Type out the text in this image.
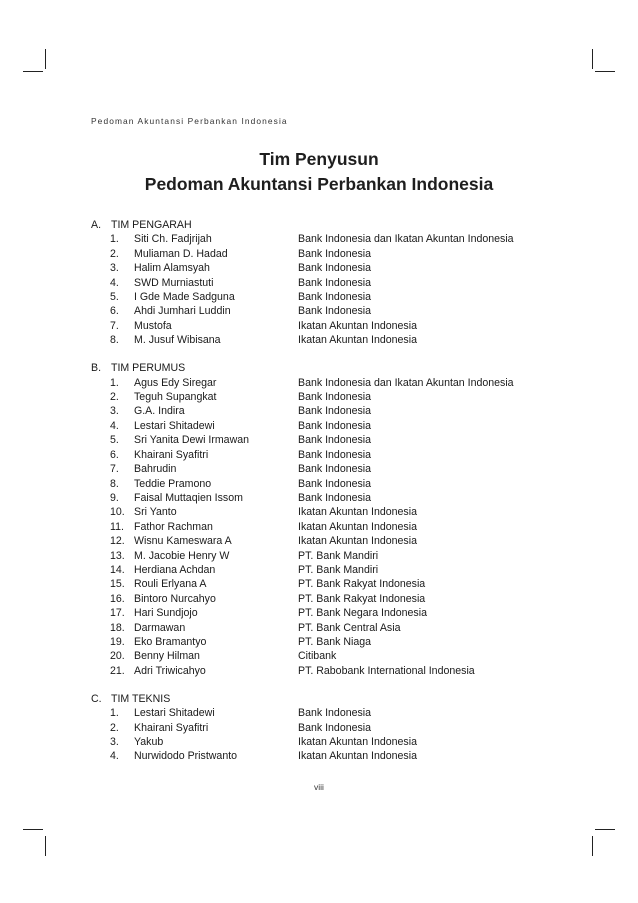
Pedoman Akuntansi Perbankan Indonesia
Tim Penyusun
Pedoman Akuntansi Perbankan Indonesia
A. TIM PENGARAH
1.	Siti Ch. Fadjrijah	Bank Indonesia dan Ikatan Akuntan Indonesia
2.	Muliaman D. Hadad	Bank Indonesia
3.	Halim Alamsyah	Bank Indonesia
4.	SWD Murniastuti	Bank Indonesia
5.	I Gde Made Sadguna	Bank Indonesia
6.	Ahdi Jumhari Luddin	Bank Indonesia
7.	Mustofa	Ikatan Akuntan Indonesia
8.	M. Jusuf Wibisana	Ikatan Akuntan Indonesia
B. TIM PERUMUS
1.	Agus Edy Siregar	Bank Indonesia dan Ikatan Akuntan Indonesia
2.	Teguh Supangkat	Bank Indonesia
3.	G.A. Indira	Bank Indonesia
4.	Lestari Shitadewi	Bank Indonesia
5.	Sri Yanita Dewi Irmawan	Bank Indonesia
6.	Khairani Syafitri	Bank Indonesia
7.	Bahrudin	Bank Indonesia
8.	Teddie Pramono	Bank Indonesia
9.	Faisal Muttaqien Issom	Bank Indonesia
10. Sri Yanto	Ikatan Akuntan Indonesia
11. Fathor Rachman	Ikatan Akuntan Indonesia
12. Wisnu Kameswara A	Ikatan Akuntan Indonesia
13. M. Jacobie Henry W	PT. Bank Mandiri
14. Herdiana Achdan	PT. Bank Mandiri
15. Rouli Erlyana A	PT. Bank Rakyat Indonesia
16. Bintoro Nurcahyo	PT. Bank Rakyat Indonesia
17. Hari Sundjojo	PT. Bank Negara Indonesia
18. Darmawan	PT. Bank Central Asia
19. Eko Bramantyo	PT. Bank Niaga
20. Benny Hilman	Citibank
21. Adri Triwicahyo	PT. Rabobank International Indonesia
C. TIM TEKNIS
1.	Lestari Shitadewi	Bank Indonesia
2.	Khairani Syafitri	Bank Indonesia
3.	Yakub	Ikatan Akuntan Indonesia
4.	Nurwidodo Pristwanto	Ikatan Akuntan Indonesia
viii
